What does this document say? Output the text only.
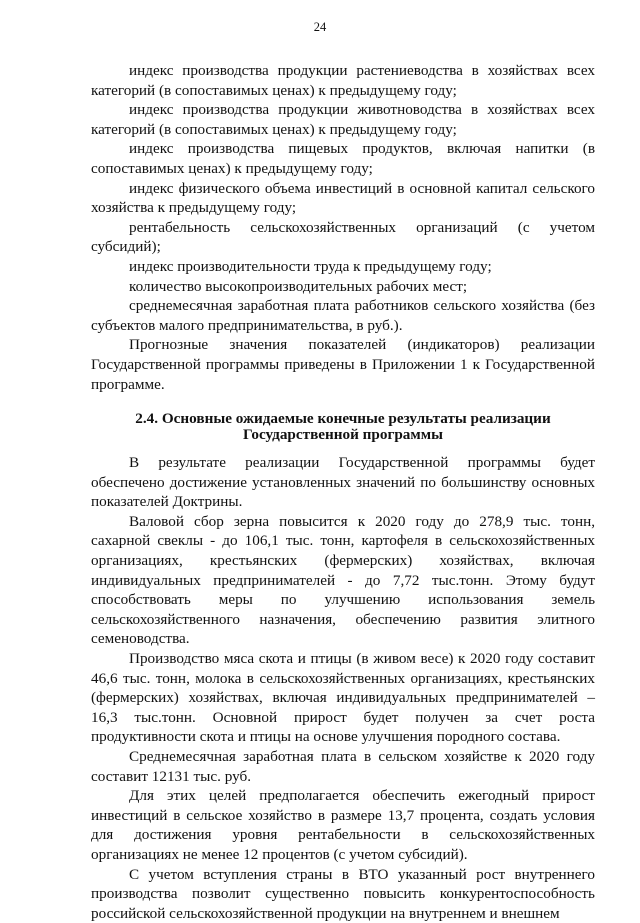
24

индекс производства продукции растениеводства в хозяйствах всех категорий (в сопоставимых ценах) к предыдущему году;

индекс производства продукции животноводства в хозяйствах всех категорий (в сопоставимых ценах) к предыдущему году;

индекс производства пищевых продуктов, включая напитки (в сопоставимых ценах) к предыдущему году;

индекс физического объема инвестиций в основной капитал сельского хозяйства к предыдущему году;

рентабельность сельскохозяйственных организаций (с учетом субсидий);

индекс производительности труда к предыдущему году;

количество высокопроизводительных рабочих мест;

среднемесячная заработная плата работников сельского хозяйства (без субъектов малого предпринимательства, в руб.).

Прогнозные значения показателей (индикаторов) реализации Государственной программы приведены в Приложении 1 к Государственной программе.

2.4. Основные ожидаемые конечные результаты реализации
Государственной программы

В результате реализации Государственной программы будет обеспечено достижение установленных значений по большинству основных показателей Доктрины.

Валовой сбор зерна повысится к 2020 году до 278,9 тыс. тонн, сахарной свеклы - до 106,1 тыс. тонн, картофеля в сельскохозяйственных организациях, крестьянских (фермерских) хозяйствах, включая индивидуальных предпринимателей - до 7,72 тыс.тонн. Этому будут способствовать меры по улучшению использования земель сельскохозяйственного назначения, обеспечению развития элитного семеноводства.

Производство мяса скота и птицы (в живом весе) к 2020 году составит 46,6 тыс. тонн, молока в сельскохозяйственных организациях, крестьянских (фермерских) хозяйствах, включая индивидуальных предпринимателей – 16,3 тыс.тонн. Основной прирост будет получен за счет роста продуктивности скота и птицы на основе улучшения породного состава.

Среднемесячная заработная плата в сельском хозяйстве к 2020 году составит 12131 тыс. руб.

Для этих целей предполагается обеспечить ежегодный прирост инвестиций в сельское хозяйство в размере 13,7 процента, создать условия для достижения уровня рентабельности в сельскохозяйственных организациях не менее 12 процентов (с учетом субсидий).

С учетом вступления страны в ВТО указанный рост внутреннего производства позволит существенно повысить конкурентоспособность российской сельскохозяйственной продукции на внутреннем и внешнем
